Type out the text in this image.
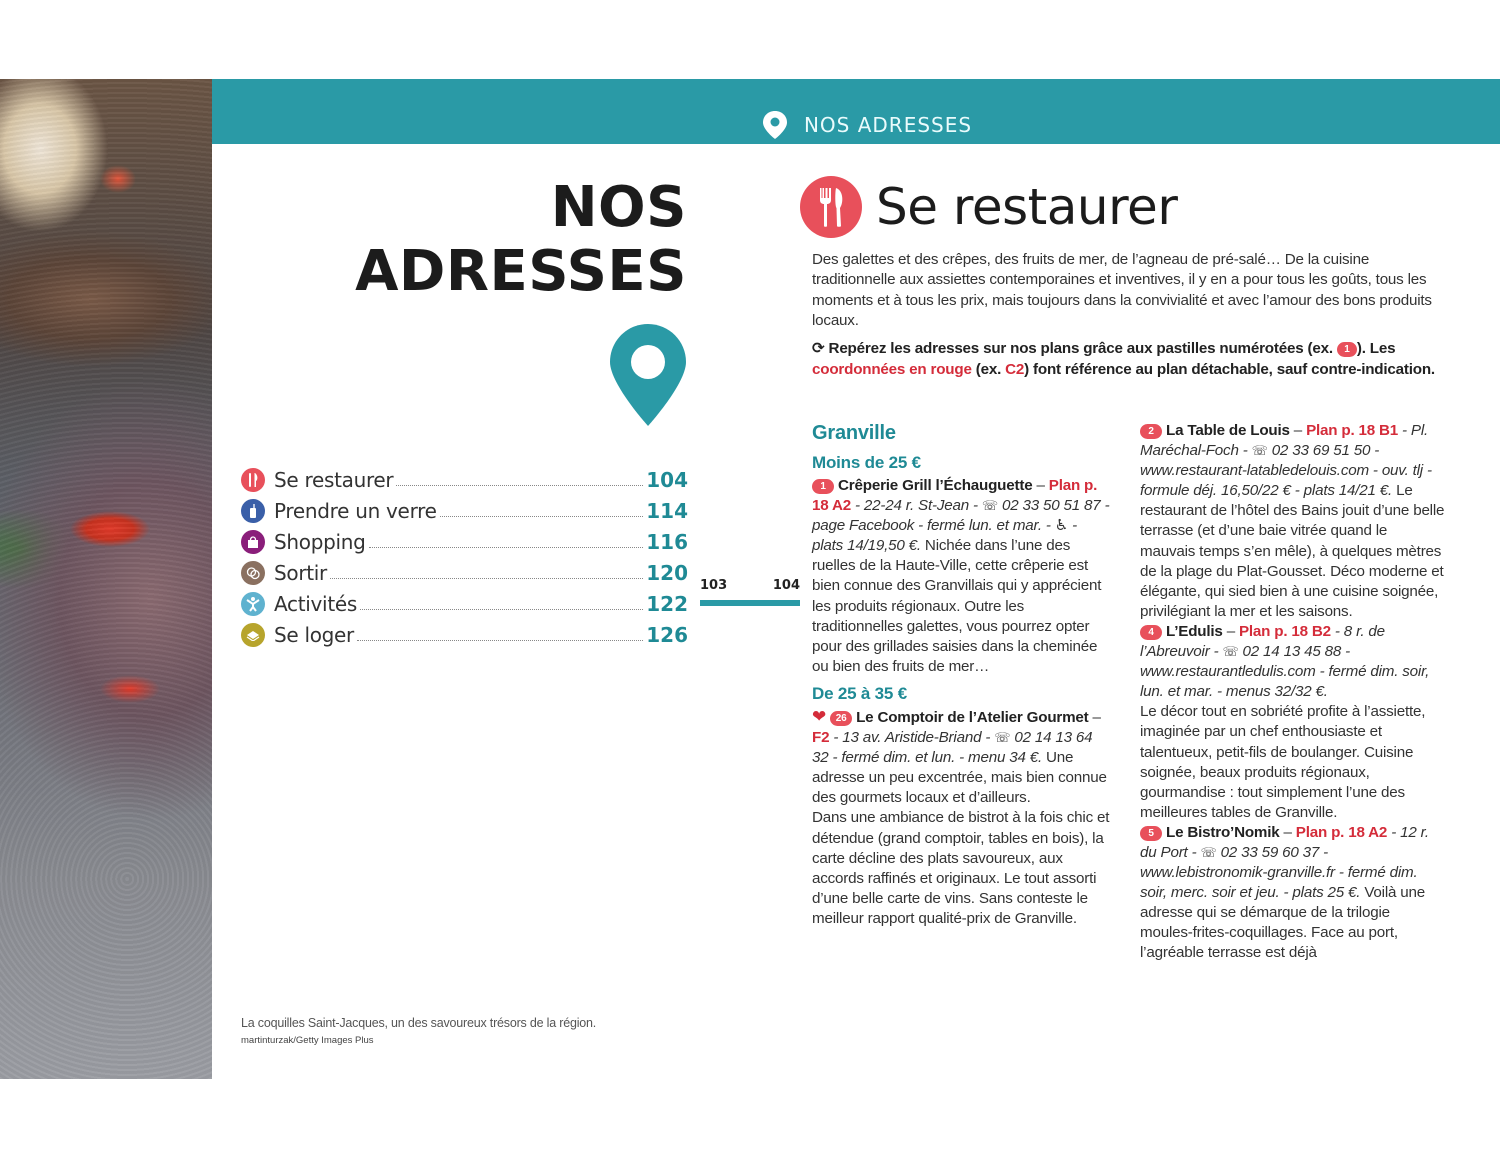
NOS ADRESSES
NOS
ADRESSES
Se restaurer	104
Prendre un verre	114
Shopping	116
Sortir	120
Activités	122
Se loger	126
103	104
La coquilles Saint-Jacques, un des savoureux trésors de la région.
martinturzak/Getty Images Plus
Se restaurer

Des galettes et des crêpes, des fruits de mer, de l’agneau de pré-salé… De la cuisine traditionnelle aux assiettes contemporaines et inventives, il y en a pour tous les goûts, tous les moments et à tous les prix, mais toujours dans la convivialité et avec l’amour des bons produits locaux.

⟳ Repérez les adresses sur nos plans grâce aux pastilles numérotées (ex. 1 ). Les coordonnées en rouge (ex. C2) font référence au plan détachable, sauf contre-indication.

Granville
Moins de 25 €

1 Crêperie Grill l’Échauguette – Plan p. 18 A2 - 22-24 r. St-Jean - ☏ 02 33 50 51 87 - page Facebook - fermé lun. et mar. - ♿ - plats 14/19,50 €. Nichée dans l’une des ruelles de la Haute-Ville, cette crêperie est bien connue des Granvillais qui y apprécient les produits régionaux. Outre les traditionnelles galettes, vous pourrez opter pour des grillades saisies dans la cheminée ou bien des fruits de mer…

De 25 à 35 €

❤ 26 Le Comptoir de l’Atelier Gourmet – F2 - 13 av. Aristide-Briand - ☏ 02 14 13 64 32 - fermé dim. et lun. - menu 34 €. Une adresse un peu excentrée, mais bien connue des gourmets locaux et d’ailleurs.

Dans une ambiance de bistrot à la fois chic et détendue (grand comptoir, tables en bois), la carte décline des plats savoureux, aux accords raffinés et originaux. Le tout assorti d’une belle carte de vins. Sans conteste le meilleur rapport qualité-prix de Granville.

2 La Table de Louis – Plan p. 18 B1 - Pl. Maréchal-Foch - ☏ 02 33 69 51 50 - www.restaurant-latabledelouis.com - ouv. tlj - formule déj. 16,50/22 € - plats 14/21 €. Le restaurant de l’hôtel des Bains jouit d’une belle terrasse (et d’une baie vitrée quand le mauvais temps s’en mêle), à quelques mètres de la plage du Plat-Gousset. Déco moderne et élégante, qui sied bien à une cuisine soignée, privilégiant la mer et les saisons.

4 L’Edulis – Plan p. 18 B2 - 8 r. de l’Abreuvoir - ☏ 02 14 13 45 88 - www.restaurantledulis.com - fermé dim. soir, lun. et mar. - menus 32/32 €.

Le décor tout en sobriété profite à l’assiette, imaginée par un chef enthousiaste et talentueux, petit-fils de boulanger. Cuisine soignée, beaux produits régionaux, gourmandise : tout simplement l’une des meilleures tables de Granville.

5 Le Bistro’Nomik – Plan p. 18 A2 - 12 r. du Port - ☏ 02 33 59 60 37 - www.lebistronomik-granville.fr - fermé dim. soir, merc. soir et jeu. - plats 25 €. Voilà une adresse qui se démarque de la trilogie moules-frites-coquillages. Face au port, l’agréable terrasse est déjà
